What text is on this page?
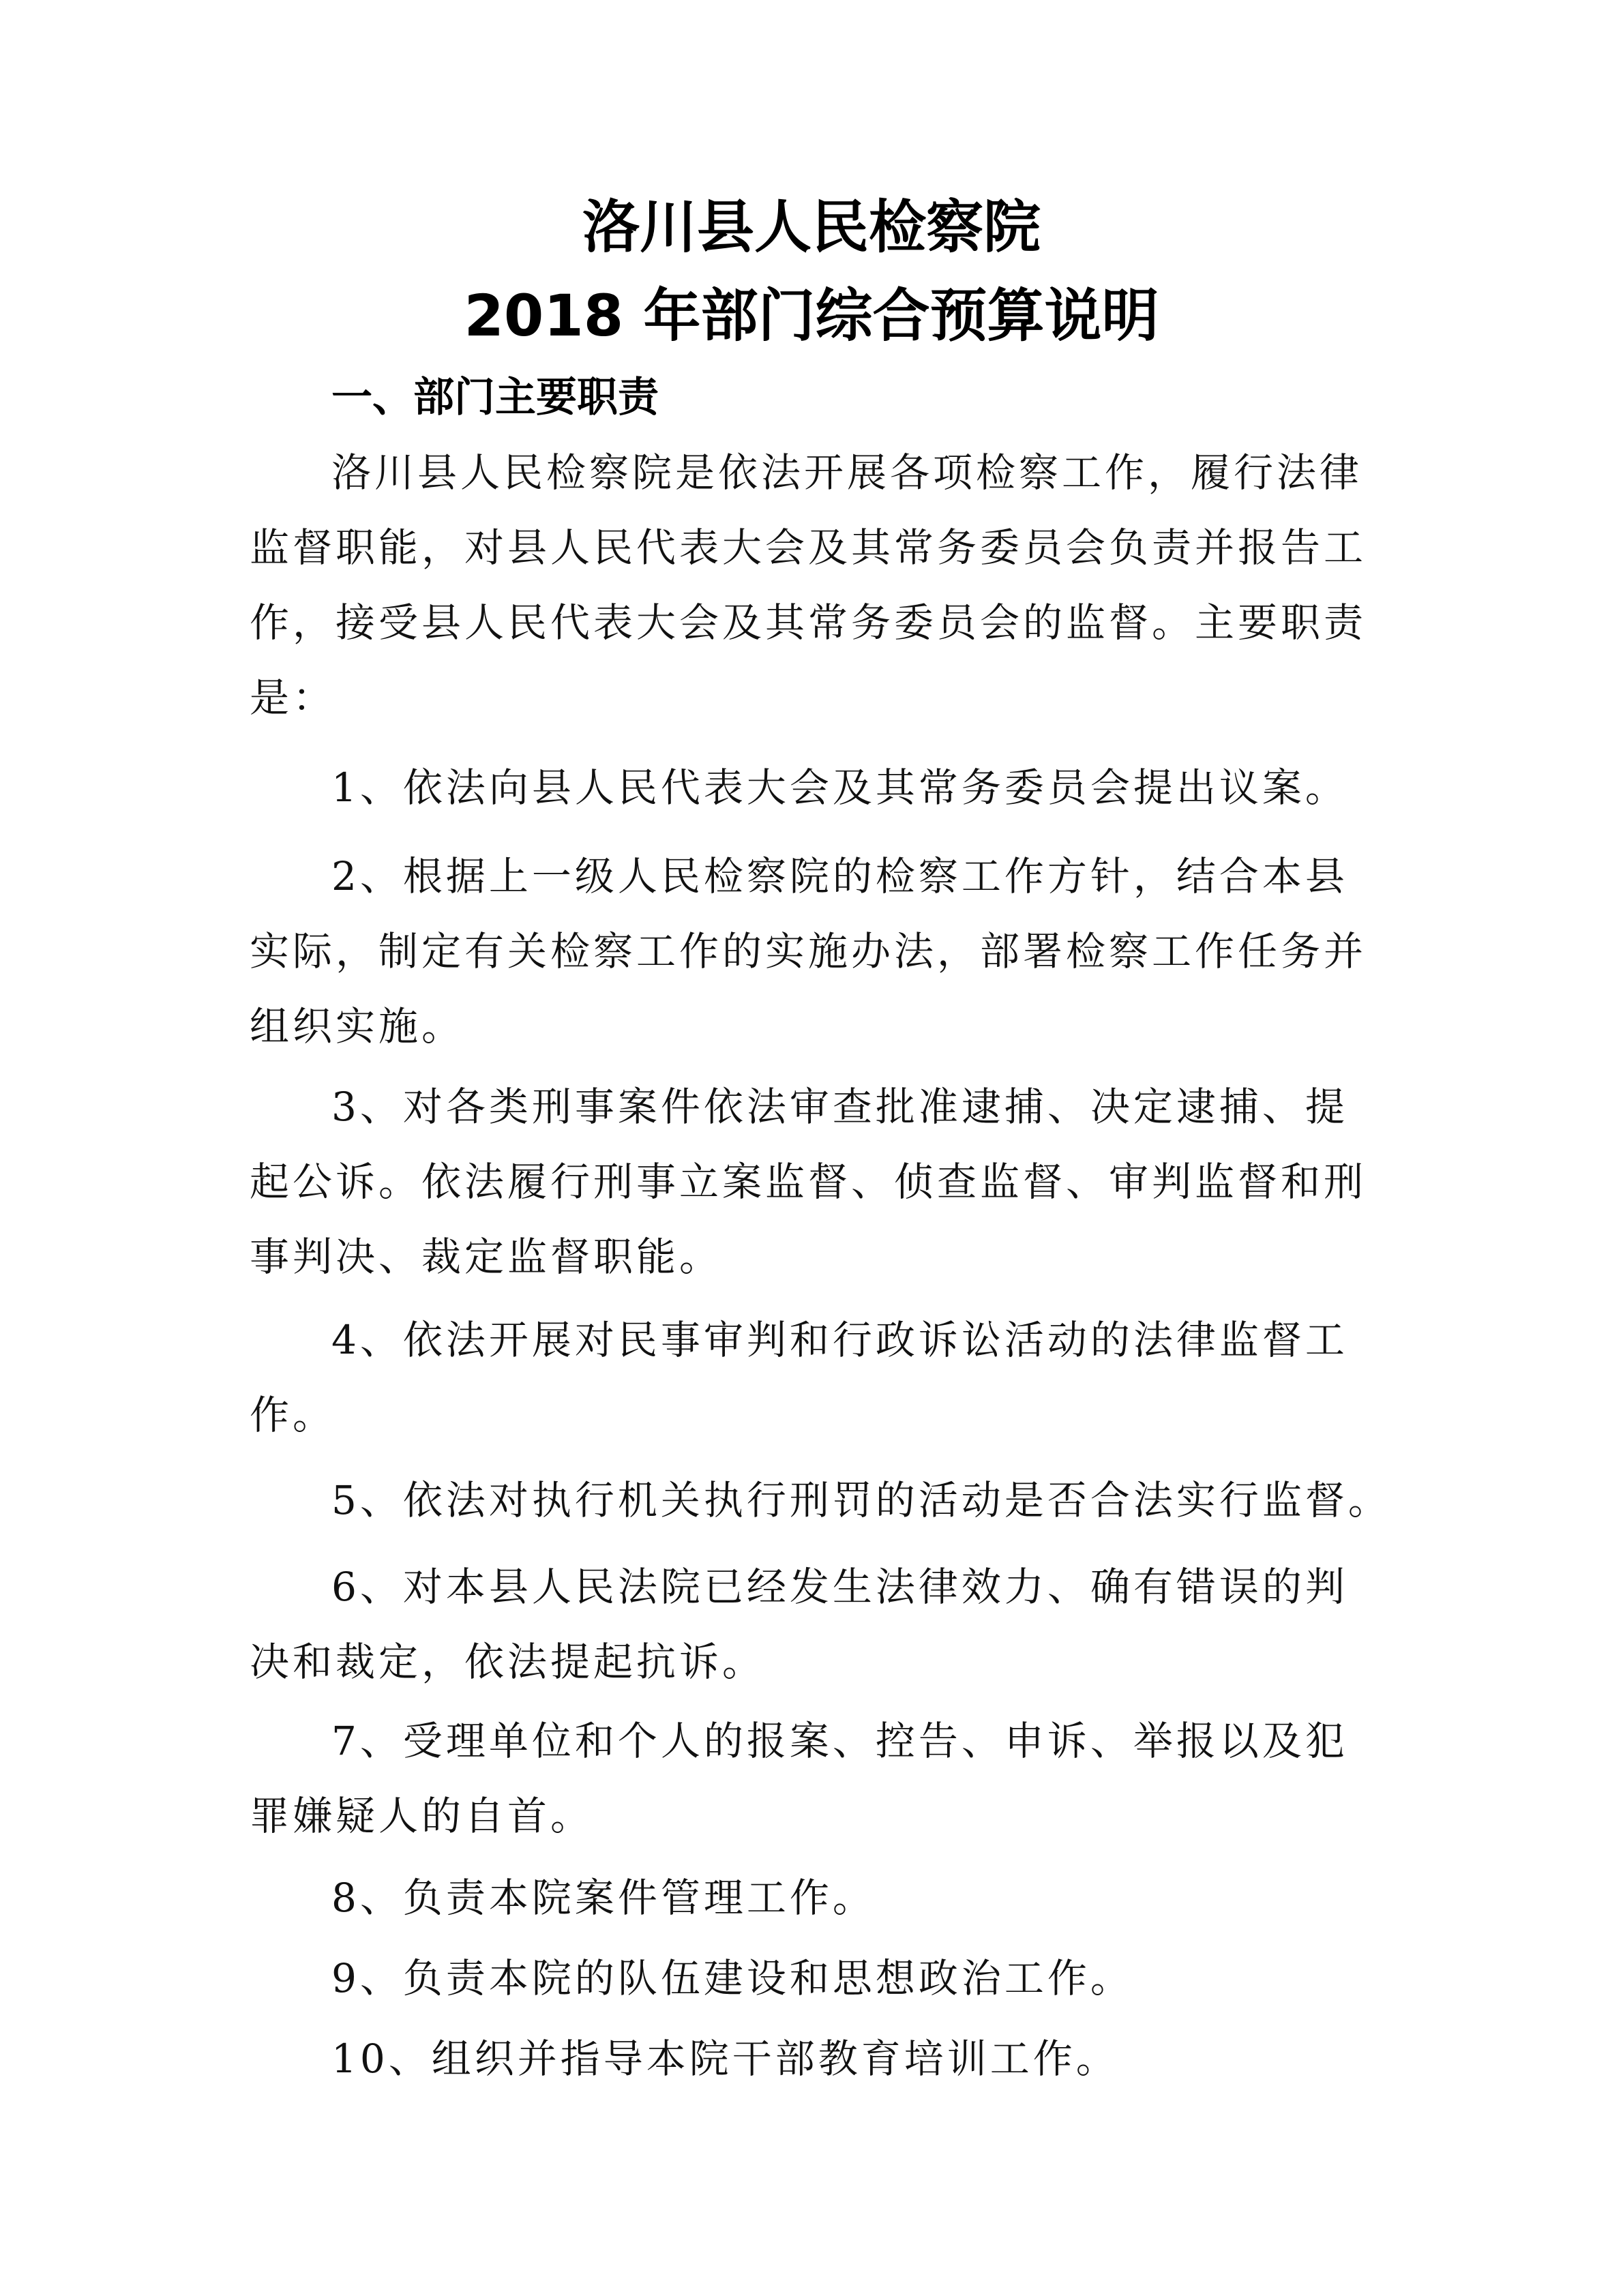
洛川县人民检察院
2018 年部门综合预算说明
一、部门主要职责

洛川县人民检察院是依法开展各项检察工作，履行法律

监督职能，对县人民代表大会及其常务委员会负责并报告工

作，接受县人民代表大会及其常务委员会的监督。主要职责

是：

1、依法向县人民代表大会及其常务委员会提出议案。

2、根据上一级人民检察院的检察工作方针，结合本县

实际，制定有关检察工作的实施办法，部署检察工作任务并

组织实施。

3、对各类刑事案件依法审查批准逮捕、决定逮捕、提

起公诉。依法履行刑事立案监督、侦查监督、审判监督和刑

事判决、裁定监督职能。

4、依法开展对民事审判和行政诉讼活动的法律监督工

作。

5、依法对执行机关执行刑罚的活动是否合法实行监督。

6、对本县人民法院已经发生法律效力、确有错误的判

决和裁定，依法提起抗诉。

7、受理单位和个人的报案、控告、申诉、举报以及犯

罪嫌疑人的自首。

8、负责本院案件管理工作。

9、负责本院的队伍建设和思想政治工作。

10、组织并指导本院干部教育培训工作。
